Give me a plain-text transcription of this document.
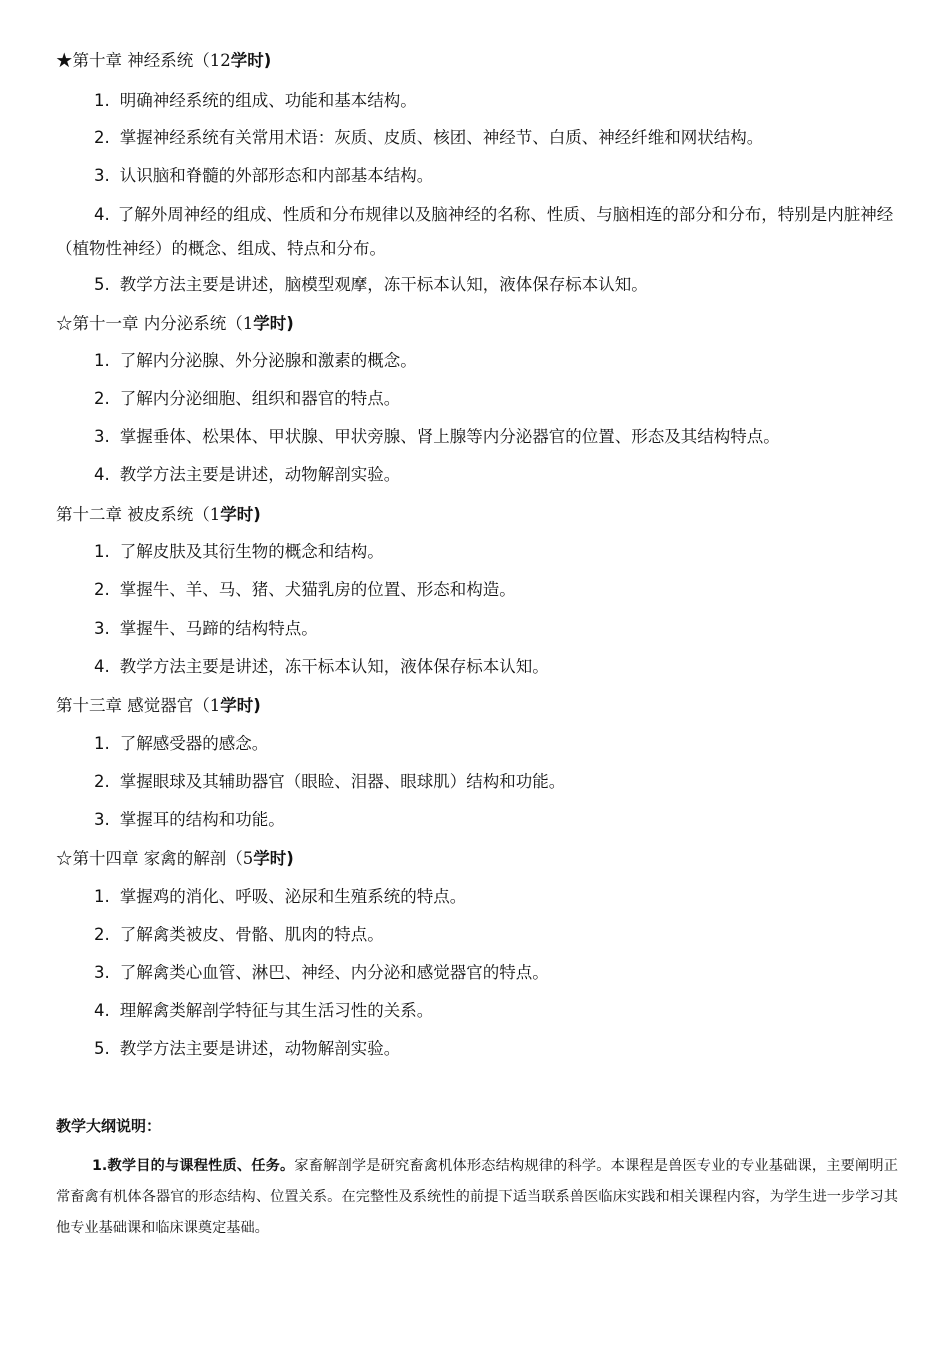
★第十章 神经系统（12学时)
1. 明确神经系统的组成、功能和基本结构。
2. 掌握神经系统有关常用术语：灰质、皮质、核团、神经节、白质、神经纤维和网状结构。
3. 认识脑和脊髓的外部形态和内部基本结构。
4. 了解外周神经的组成、性质和分布规律以及脑神经的名称、性质、与脑相连的部分和分布，特别是内脏神经（植物性神经）的概念、组成、特点和分布。
5. 教学方法主要是讲述，脑模型观摩，冻干标本认知，液体保存标本认知。
☆第十一章 内分泌系统（1学时)
1. 了解内分泌腺、外分泌腺和激素的概念。
2. 了解内分泌细胞、组织和器官的特点。
3. 掌握垂体、松果体、甲状腺、甲状旁腺、肾上腺等内分泌器官的位置、形态及其结构特点。
4. 教学方法主要是讲述，动物解剖实验。
第十二章 被皮系统（1学时)
1. 了解皮肤及其衍生物的概念和结构。
2. 掌握牛、羊、马、猪、犬猫乳房的位置、形态和构造。
3. 掌握牛、马蹄的结构特点。
4. 教学方法主要是讲述，冻干标本认知，液体保存标本认知。
第十三章 感觉器官（1学时)
1. 了解感受器的感念。
2. 掌握眼球及其辅助器官（眼睑、泪器、眼球肌）结构和功能。
3. 掌握耳的结构和功能。
☆第十四章 家禽的解剖（5学时)
1. 掌握鸡的消化、呼吸、泌尿和生殖系统的特点。
2. 了解禽类被皮、骨骼、肌肉的特点。
3. 了解禽类心血管、淋巴、神经、内分泌和感觉器官的特点。
4. 理解禽类解剖学特征与其生活习性的关系。
5. 教学方法主要是讲述，动物解剖实验。
教学大纲说明：
1.教学目的与课程性质、任务。家畜解剖学是研究畜禽机体形态结构规律的科学。本课程是兽医专业的专业基础课，主要阐明正常畜禽有机体各器官的形态结构、位置关系。在完整性及系统性的前提下适当联系兽医临床实践和相关课程内容，为学生进一步学习其他专业基础课和临床课奠定基础。
